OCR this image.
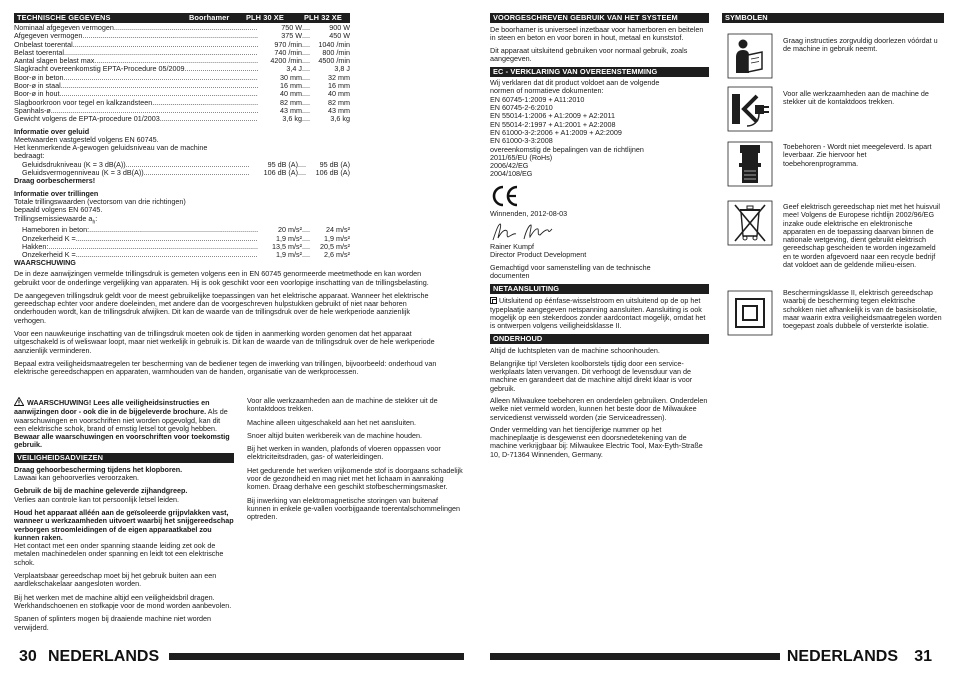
TECHNISCHE GEGEVENS	Boorhamer PLH 30 XE	PLH 32 XE
Nominaal afgegeven vermogen .....	750 W .....	900 W
Afgegeven vermogen .....	375 W .....	450 W
Onbelast toerental .....	970 /min .....	1040 /min
Belast toerental .....	740 /min .....	800 /min
Aantal slagen belast max. .....	4200 /min .....	4500 /min
Slagkracht overeenkomstig EPTA-Procedure 05/2009 .....	3,4 J .....	3,8 J
Boor-ø in beton .....	30 mm .....	32 mm
Boor-ø in staal .....	16 mm .....	16 mm
Boor-ø in hout .....	40 mm .....	40 mm
Slagboorkroon voor tegel en kalkzandsteen .....	82 mm .....	82 mm
Spanhals-ø .....	43 mm .....	43 mm
Gewicht volgens de EPTA-procedure 01/2003 .....	3,6 kg .....	3,6 kg

Informatie over geluid

Meetwaarden vastgesteld volgens EN 60745.
Het kenmerkende A-gewogen geluidsniveau van de machine
bedraagt:
Geluidsdrukniveau (K = 3 dB(A)) .....	95 dB (A) .....	95 dB (A)
Geluidsvermogenniveau (K = 3 dB(A)) .....	106 dB (A) .....	106 dB (A)

Draag oorbeschermers!

Informatie over trillingen

Totale trillingswaarden (vectorsom van drie richtingen)
bepaald volgens EN 60745.

Trillingsemissiewaarde $a_h$:

Hameboren in beton: .....	20 m/s² .....	24 m/s²
Onzekerheid K = .....	1,9 m/s² .....	1,9 m/s²
Hakken: .....	13,5 m/s² .....	20,5 m/s²
Onzekerheid K = .....	1,9 m/s² .....	2,6 m/s²

WAARSCHUWING

De in deze aanwijzingen vermelde trillingsdruk is gemeten volgens een in EN 60745 genormeerde meetmethode en kan worden gebruikt voor de onderlinge vergelijking van apparaten. Hij is ook geschikt voor een voorlopige inschatting van de trillingsbelasting.

De aangegeven trillingsdruk geldt voor de meest gebruikelijke toepassingen van het elektrische apparaat. Wanneer het elektrische gereedschap echter voor andere doeleinden, met andere dan de voorgeschreven hulpstukken gebruikt of niet naar behoren onderhouden wordt, kan de trillingsdruk afwijken. Dit kan de waarde van de trillingsdruk over de hele werkperiode aanzienlijk verhogen.

Voor een nauwkeurige inschatting van de trillingsdruk moeten ook de tijden in aanmerking worden genomen dat het apparaat uitgeschakeld is of weliswaar loopt, maar niet werkelijk in gebruik is. Dit kan de waarde van de trillingsdruk over de hele werkperiode aanzienlijk verminderen.

Bepaal extra veiligheidsmaatregelen ter bescherming van de bediener tegen de inwerking van trillingen, bijvoorbeeld: onderhoud van elektrische gereedschappen en apparaten, warmhouden van de handen, organisatie van de werkprocessen.

WAARSCHUWING! Lees alle veiligheidsinstructies en aanwijzingen door - ook die in de bijgeleverde brochure. Als de waarschuwingen en voorschriften niet worden opgevolgd, kan dit een elektrische schok, brand of ernstig letsel tot gevolg hebben. Bewaar alle waarschuwingen en voorschriften voor toekomstig gebruik.

VEILIGHEIDSADVIEZEN

Draag gehoorbescherming tijdens het klopboren.
Lawaai kan gehoorverlies veroorzaken.

Gebruik de bij de machine geleverde zijhandgreep.
Verlies aan controle kan tot persoonlijk letsel leiden.

Houd het apparaat alléén aan de geïsoleerde grijpvlakken vast, wanneer u werkzaamheden uitvoert waarbij het snijgereedschap verborgen stroomleidingen of de eigen apparaatkabel zou kunnen raken.
Het contact met een onder spanning staande leiding zet ook de metalen machinedelen onder spanning en leidt tot een elektrische schok.

Verplaatsbaar gereedschap moet bij het gebruik buiten aan een aardlekschakelaar aangesloten worden.

Bij het werken met de machine altijd een veiligheidsbril dragen. Werkhandschoenen en stofkapje voor de mond worden aanbevolen.

Spanen of splinters mogen bij draaiende machine niet worden verwijderd.

Voor alle werkzaamheden aan de machine de stekker uit de kontaktdoos trekken.

Machine alleen uitgeschakeld aan het net aansluiten.

Snoer altijd buiten werkbereik van de machine houden.

Bij het werken in wanden, plafonds of vloeren oppassen voor elektriciteitsdraden, gas- of waterleidingen.

Het gedurende het werken vrijkomende stof is doorgaans schadelijk voor de gezondheid en mag niet met het lichaam in aanraking komen. Draag derhalve een geschikt stofbeschermingsmasker.

Bij inwerking van elektromagnetische storingen van buitenaf kunnen in enkele ge-vallen voorbijgaande toerentalschommelingen optreden.

30 NEDERLANDS
VOORGESCHREVEN GEBRUIK VAN HET SYSTEEM

De boorhamer is universeel inzetbaar voor hamerboren en beitelen in steen en beton en voor boren in hout, metaal en kunststof.

Dit apparaat uitsluitend gebruiken voor normaal gebruik, zoals aangegeven.

EC - VERKLARING VAN OVEREENSTEMMING
Wij verklaren dat dit product voldoet aan de volgende
normen of normatieve dokumenten:
EN 60745-1:2009 + A11:2010
EN 60745-2-6:2010
EN 55014-1:2006 + A1:2009 + A2:2011
EN 55014-2:1997 + A1:2001 + A2:2008
EN 61000-3-2:2006 + A1:2009 + A2:2009
EN 61000-3-3:2008
overeenkomstig de bepalingen van de richtlijnen
2011/65/EU (RoHs)
2006/42/EG
2004/108/EG

Winnenden, 2012-08-03

Rainer Kumpf

Director Product Development

Gemachtigd voor samenstelling van de technische
documenten
NETAANSLUITING

Uitsluitend op éénfase-wisselstroom en uitsluitend op de op het typeplaatje aangegeven netspanning aansluiten. Aansluiting is ook mogelijk op een stekerdoos zonder aardcontact mogelijk, omdat het is ontwerpen volgens veiligheidsklasse II.

ONDERHOUD

Altijd de luchtspleten van de machine schoonhouden.

Belangrijke tip! Versleten koolborstels tijdig door een service-werkplaats laten vervangen. Dit verhoogt de levensduur van de machine en garandeert dat de machine altijd direkt klaar is voor gebruik.

Alleen Milwaukee toebehoren en onderdelen gebruiken. Onderdelen welke niet vermeld worden, kunnen het beste door de Milwaukee servicedienst verwisseld worden (zie Serviceadressen).

Onder vermelding van het tiencijferige nummer op het machineplaatje is desgewenst een doorsnedetekening van de machine verkrijgbaar bij: Milwaukee Electric Tool, Max-Eyth-Straße 10, D-71364 Winnenden, Germany.

SYMBOLEN
Graag instructies zorgvuldig doorlezen vóórdat u de machine in gebruik neemt.
Voor alle werkzaamheden aan de machine de stekker uit de kontaktdoos trekken.
Toebehoren - Wordt niet meegeleverd. Is apart leverbaar. Zie hiervoor het toebehorenprogramma.
Geef elektrisch gereedschap niet met het huisvuil mee! Volgens de Europese richtlijn 2002/96/EG inzake oude elektrische en elektronische apparaten en de toepassing daarvan binnen de nationale wetgeving, dient gebruikt elektrisch gereedschap gescheiden te worden ingezameld en te worden afgevoerd naar een recycle bedrijf dat voldoet aan de geldende milieu-eisen.
Beschermingsklasse II, elektrisch gereedschap waarbij de bescherming tegen elektrische schokken niet afhankelijk is van de basisisolatie, maar waarin extra veiligheidsmaatregelen worden toegepast zoals dubbele of versterkte isolatie.
NEDERLANDS 31
